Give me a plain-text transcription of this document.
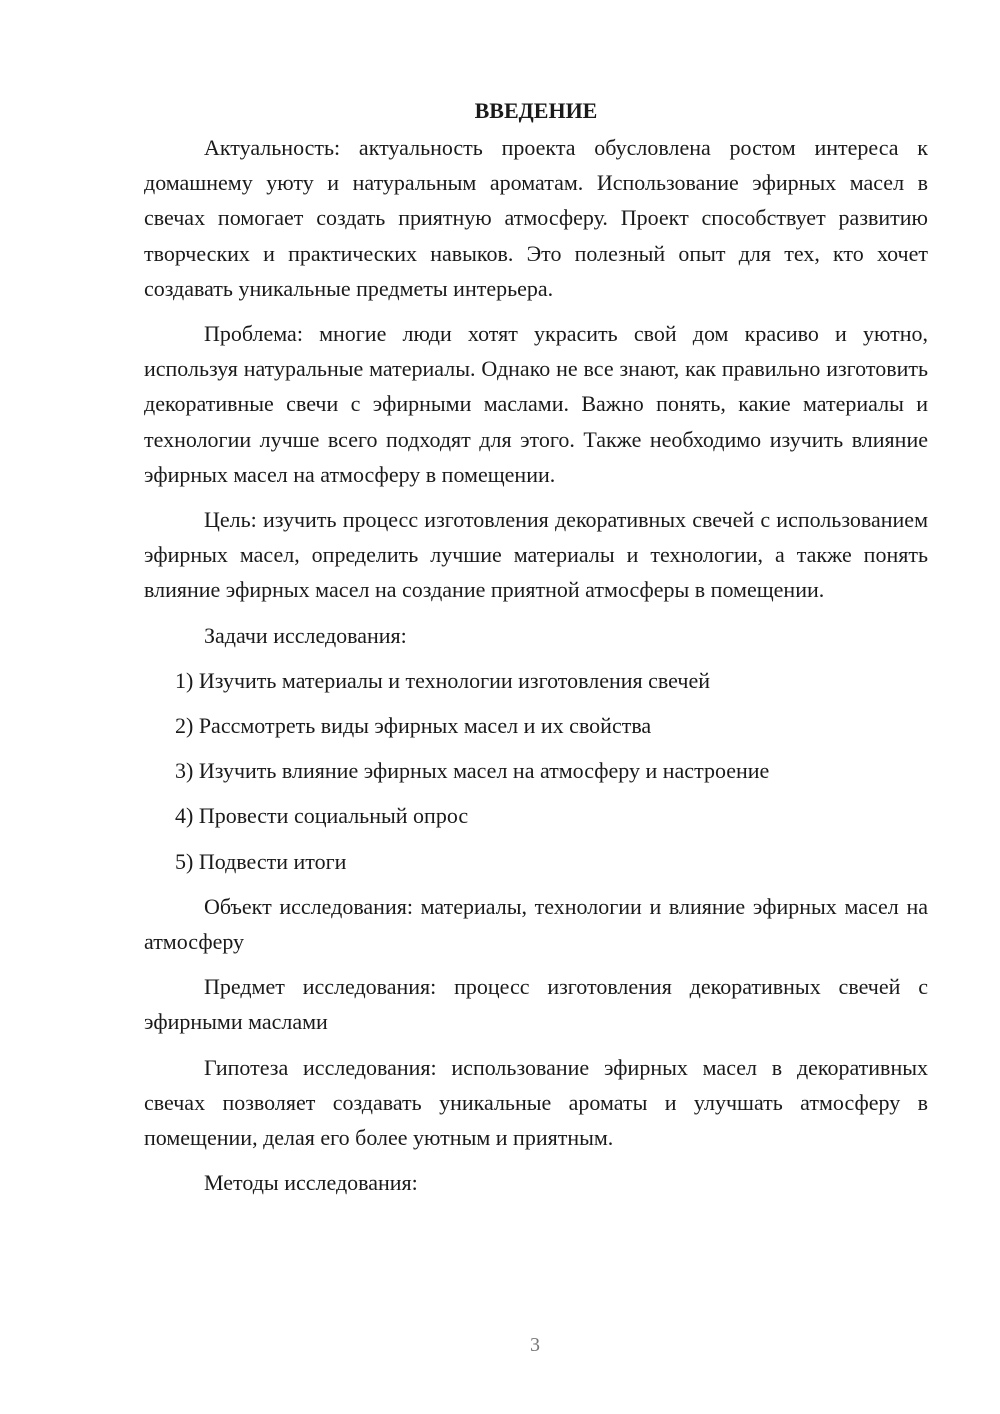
ВВЕДЕНИЕ

Актуальность: актуальность проекта обусловлена ростом интереса к домашнему уюту и натуральным ароматам. Использование эфирных масел в свечах помогает создать приятную атмосферу. Проект способствует развитию творческих и практических навыков. Это полезный опыт для тех, кто хочет создавать уникальные предметы интерьера.

Проблема: многие люди хотят украсить свой дом красиво и уютно, используя натуральные материалы. Однако не все знают, как правильно изготовить декоративные свечи с эфирными маслами. Важно понять, какие материалы и технологии лучше всего подходят для этого. Также необходимо изучить влияние эфирных масел на атмосферу в помещении.

Цель: изучить процесс изготовления декоративных свечей с использованием эфирных масел, определить лучшие материалы и технологии, а также понять влияние эфирных масел на создание приятной атмосферы в помещении.

Задачи исследования:

1) Изучить материалы и технологии изготовления свечей
2) Рассмотреть виды эфирных масел и их свойства
3) Изучить влияние эфирных масел на атмосферу и настроение
4) Провести социальный опрос
5) Подвести итоги

Объект исследования: материалы, технологии и влияние эфирных масел на атмосферу

Предмет исследования: процесс изготовления декоративных свечей с эфирными маслами

Гипотеза исследования: использование эфирных масел в декоративных свечах позволяет создавать уникальные ароматы и улучшать атмосферу в помещении, делая его более уютным и приятным.

Методы исследования:

3
